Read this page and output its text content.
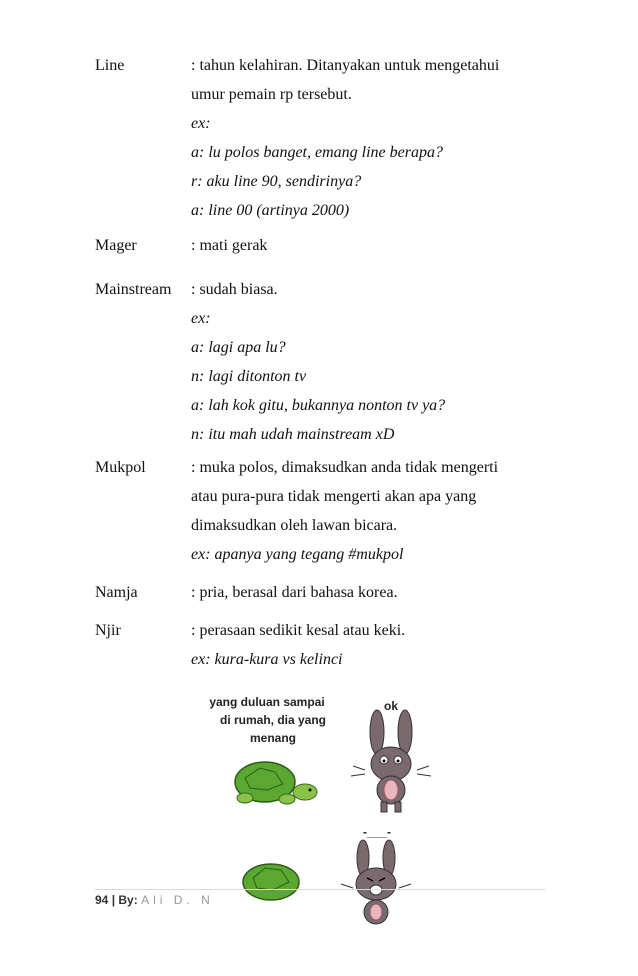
Line	: tahun kelahiran. Ditanyakan untuk mengetahui
umur pemain rp tersebut.
ex:
a: lu polos banget, emang line berapa?
r: aku line 90, sendirinya?
a: line 00 (artinya 2000)
Mager	: mati gerak
Mainstream : sudah biasa.
ex:
a: lagi apa lu?
n: lagi ditonton tv
a: lah kok gitu, bukannya nonton tv ya?
n: itu mah udah mainstream xD
Mukpol	: muka polos, dimaksudkan anda tidak mengerti
atau pura-pura tidak mengerti akan apa yang
dimaksudkan oleh lawan bicara.
ex: apanya yang tegang #mukpol
Namja	: pria, berasal dari bahasa korea.
Njir	: perasaan sedikit kesal atau keki.
ex: kura-kura vs kelinci
yang duluan sampai
di rumah, dia yang
menang
ok
-___-
94 | By: Ali D. N
